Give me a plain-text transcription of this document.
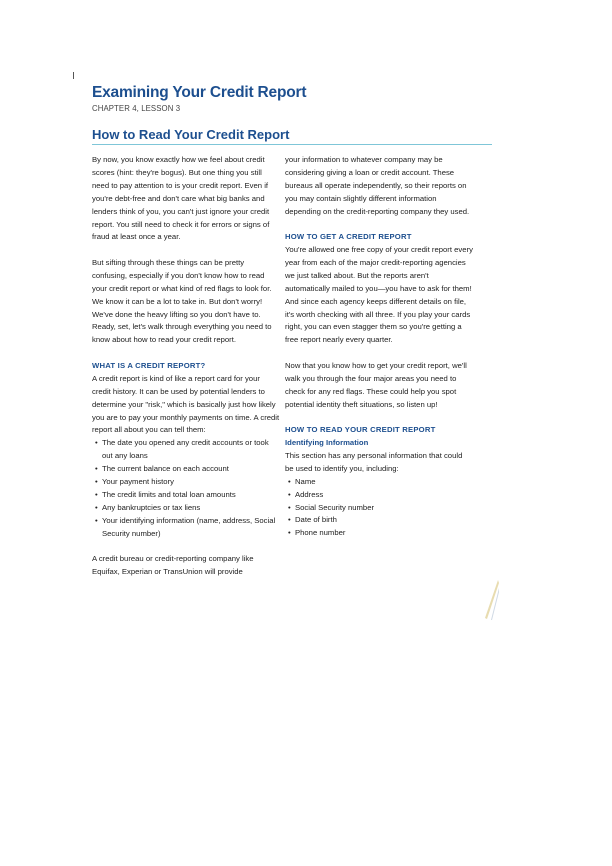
Examining Your Credit Report
CHAPTER 4, LESSON 3
How to Read Your Credit Report

By now, you know exactly how we feel about credit scores (hint: they're bogus). But one thing you still need to pay attention to is your credit report. Even if you're debt-free and don't care what big banks and lenders think of you, you can't just ignore your credit report. You still need to check it for errors or signs of fraud at least once a year.

But sifting through these things can be pretty confusing, especially if you don't know how to read your credit report or what kind of red flags to look for. We know it can be a lot to take in. But don't worry! We've done the heavy lifting so you don't have to. Ready, set, let's walk through everything you need to know about how to read your credit report.

WHAT IS A CREDIT REPORT?

A credit report is kind of like a report card for your credit history. It can be used by potential lenders to determine your "risk," which is basically just how likely you are to pay your monthly payments on time. A credit report all about you can tell them:

• The date you opened any credit accounts or took out any loans
• The current balance on each account
• Your payment history
• The credit limits and total loan amounts
• Any bankruptcies or tax liens
• Your identifying information (name, address, Social Security number)

A credit bureau or credit-reporting company like Equifax, Experian or TransUnion will provide

your information to whatever company may be considering giving a loan or credit account. These bureaus all operate independently, so their reports on you may contain slightly different information depending on the credit-reporting company they used.

HOW TO GET A CREDIT REPORT

You're allowed one free copy of your credit report every year from each of the major credit-reporting agencies we just talked about. But the reports aren't automatically mailed to you—you have to ask for them! And since each agency keeps different details on file, it's worth checking with all three. If you play your cards right, you can even stagger them so you're getting a free report nearly every quarter.

Now that you know how to get your credit report, we'll walk you through the four major areas you need to check for any red flags. These could help you spot potential identity theft situations, so listen up!

HOW TO READ YOUR CREDIT REPORT
Identifying Information

This section has any personal information that could be used to identify you, including:

• Name
• Address
• Social Security number
• Date of birth
• Phone number
